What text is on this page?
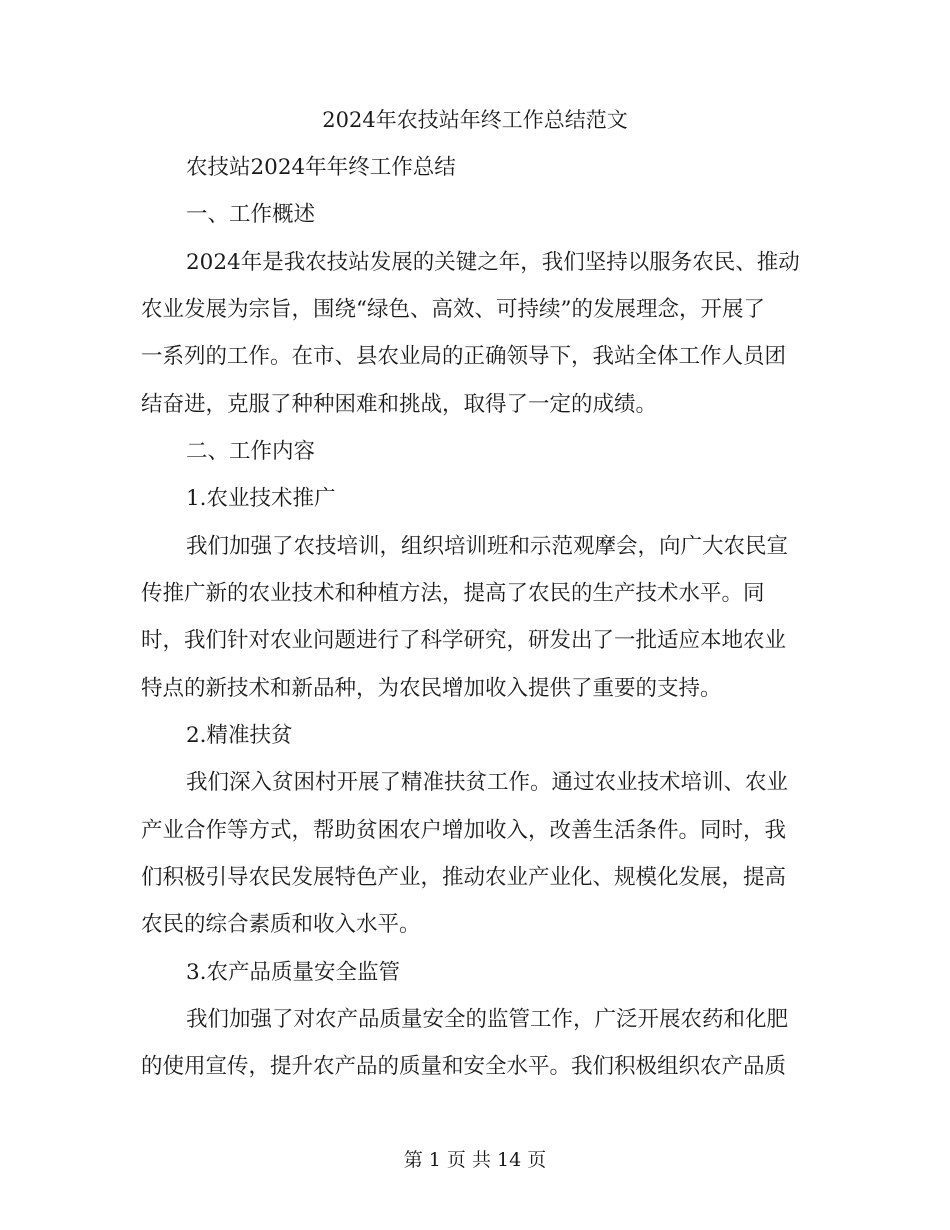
2024年农技站年终工作总结范文
农技站2024年年终工作总结
一、工作概述
2024年是我农技站发展的关键之年，我们坚持以服务农民、推动
农业发展为宗旨，围绕“绿色、高效、可持续”的发展理念，开展了
一系列的工作。在市、县农业局的正确领导下，我站全体工作人员团
结奋进，克服了种种困难和挑战，取得了一定的成绩。
二、工作内容
1.农业技术推广
我们加强了农技培训，组织培训班和示范观摩会，向广大农民宣
传推广新的农业技术和种植方法，提高了农民的生产技术水平。同
时，我们针对农业问题进行了科学研究，研发出了一批适应本地农业
特点的新技术和新品种，为农民增加收入提供了重要的支持。
2.精准扶贫
我们深入贫困村开展了精准扶贫工作。通过农业技术培训、农业
产业合作等方式，帮助贫困农户增加收入，改善生活条件。同时，我
们积极引导农民发展特色产业，推动农业产业化、规模化发展，提高
农民的综合素质和收入水平。
3.农产品质量安全监管
我们加强了对农产品质量安全的监管工作，广泛开展农药和化肥
的使用宣传，提升农产品的质量和安全水平。我们积极组织农产品质
第 1 页 共 14 页
